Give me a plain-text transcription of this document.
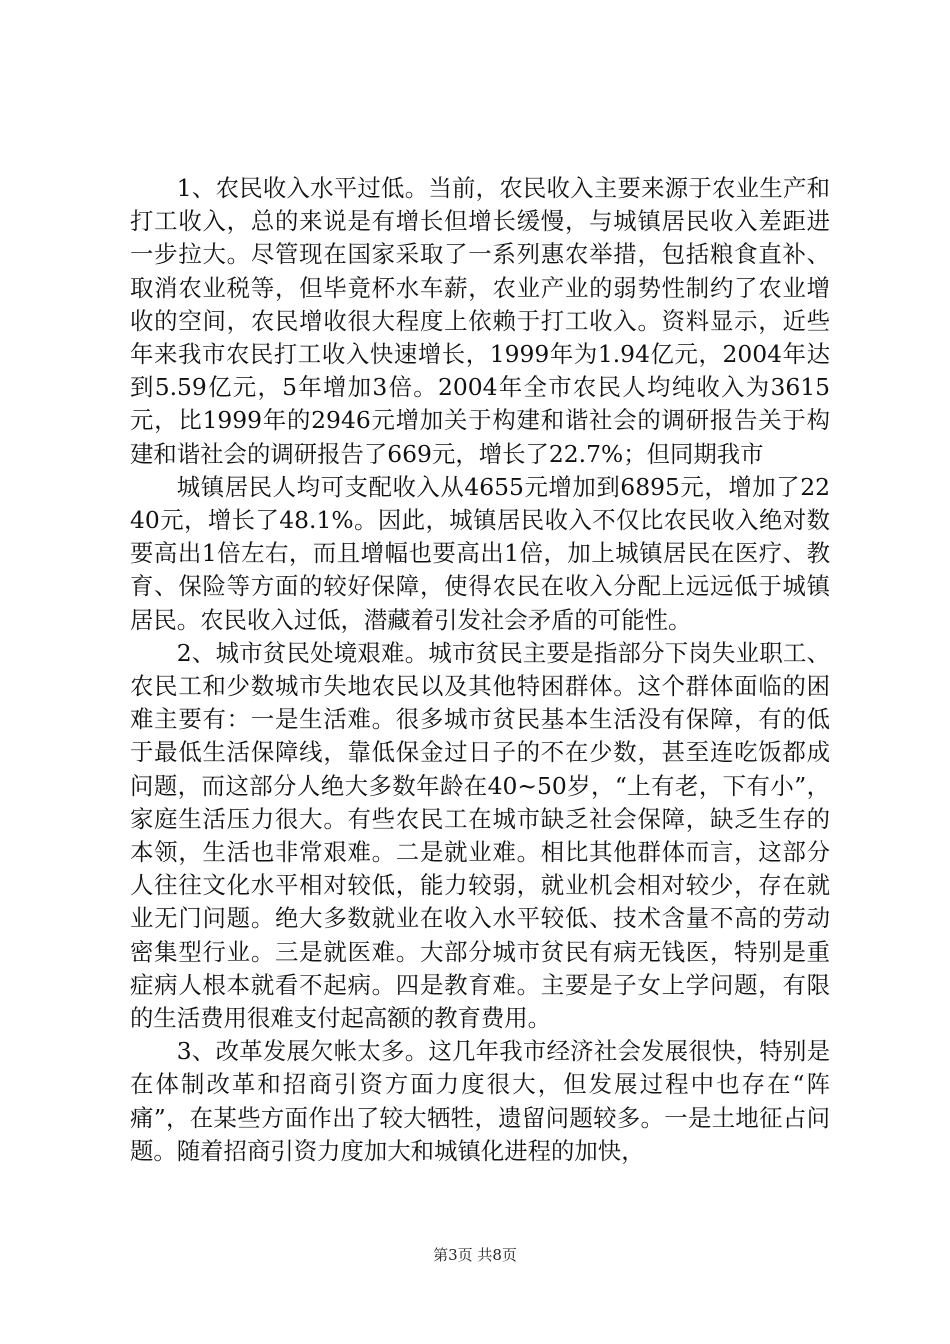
1、农民收入水平过低。当前，农民收入主要来源于农业生产和打工收入，总的来说是有增长但增长缓慢，与城镇居民收入差距进一步拉大。尽管现在国家采取了一系列惠农举措，包括粮食直补、取消农业税等，但毕竟杯水车薪，农业产业的弱势性制约了农业增收的空间，农民增收很大程度上依赖于打工收入。资料显示，近些年来我市农民打工收入快速增长，1999年为1.94亿元，2004年达到5.59亿元，5年增加3倍。2004年全市农民人均纯收入为3615元，比1999年的2946元增加关于构建和谐社会的调研报告关于构建和谐社会的调研报告了669元，增长了22.7%；但同期我市

城镇居民人均可支配收入从4655元增加到6895元，增加了2240元，增长了48.1%。因此，城镇居民收入不仅比农民收入绝对数要高出1倍左右，而且增幅也要高出1倍，加上城镇居民在医疗、教育、保险等方面的较好保障，使得农民在收入分配上远远低于城镇居民。农民收入过低，潜藏着引发社会矛盾的可能性。

2、城市贫民处境艰难。城市贫民主要是指部分下岗失业职工、农民工和少数城市失地农民以及其他特困群体。这个群体面临的困难主要有：一是生活难。很多城市贫民基本生活没有保障，有的低于最低生活保障线，靠低保金过日子的不在少数，甚至连吃饭都成问题，而这部分人绝大多数年龄在40~50岁，“上有老，下有小”，家庭生活压力很大。有些农民工在城市缺乏社会保障，缺乏生存的本领，生活也非常艰难。二是就业难。相比其他群体而言，这部分人往往文化水平相对较低，能力较弱，就业机会相对较少，存在就业无门问题。绝大多数就业在收入水平较低、技术含量不高的劳动密集型行业。三是就医难。大部分城市贫民有病无钱医，特别是重症病人根本就看不起病。四是教育难。主要是子女上学问题，有限的生活费用很难支付起高额的教育费用。

3、改革发展欠帐太多。这几年我市经济社会发展很快，特别是在体制改革和招商引资方面力度很大，但发展过程中也存在“阵痛”，在某些方面作出了较大牺牲，遗留问题较多。一是土地征占问题。随着招商引资力度加大和城镇化进程的加快，

第3页 共8页
